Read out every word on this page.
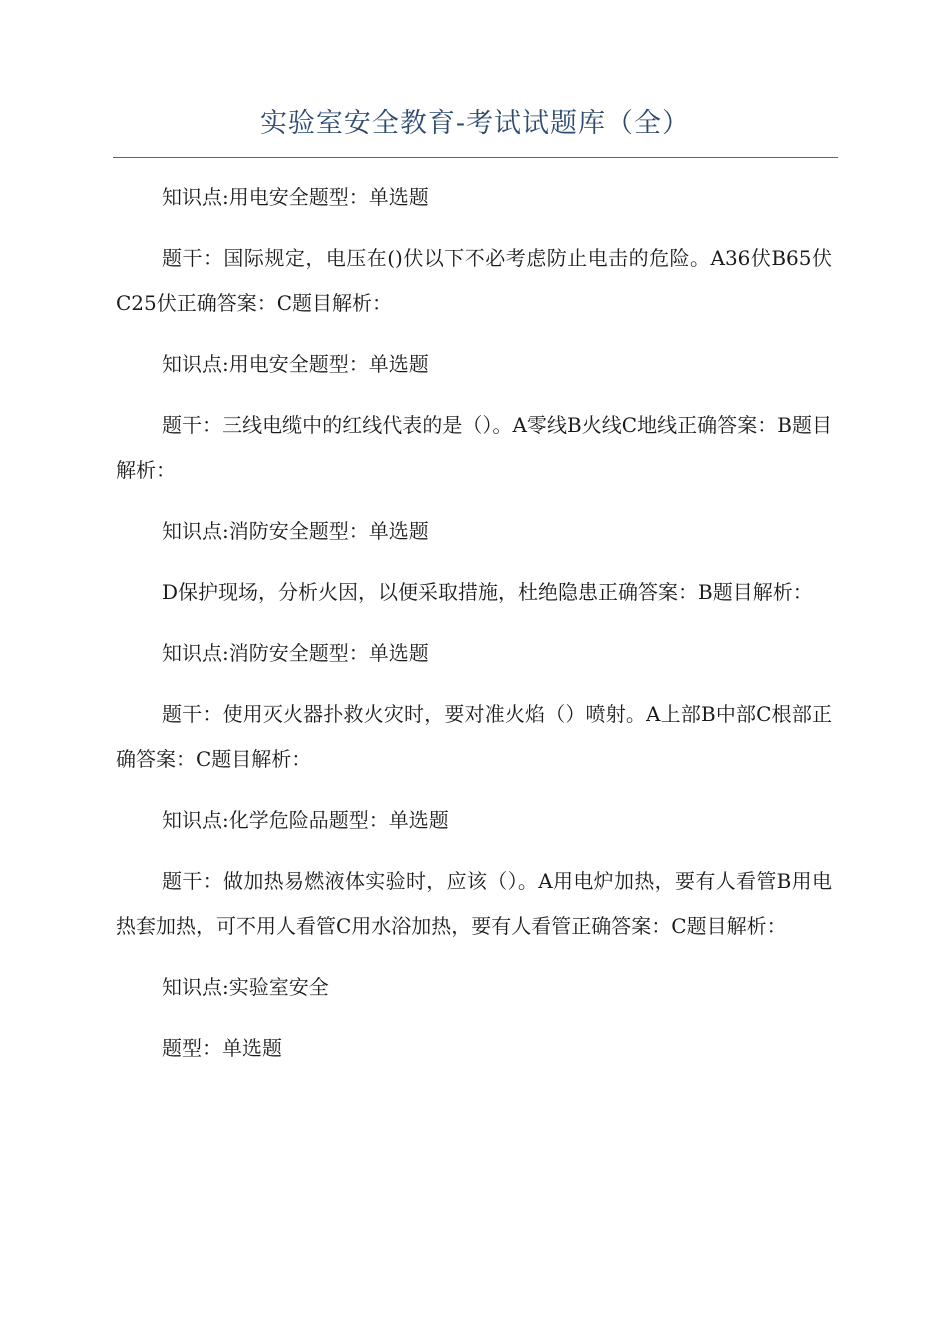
实验室安全教育-考试试题库（全）

知识点:用电安全题型：单选题

题干：国际规定，电压在()伏以下不必考虑防止电击的危险。A36伏B65伏C25伏正确答案：C题目解析：

知识点:用电安全题型：单选题

题干：三线电缆中的红线代表的是（）。A零线B火线C地线正确答案：B题目解析：

知识点:消防安全题型：单选题

D保护现场，分析火因，以便采取措施，杜绝隐患正确答案：B题目解析：

知识点:消防安全题型：单选题

题干：使用灭火器扑救火灾时，要对准火焰（）喷射。A上部B中部C根部正确答案：C题目解析：

知识点:化学危险品题型：单选题

题干：做加热易燃液体实验时，应该（）。A用电炉加热，要有人看管B用电热套加热，可不用人看管C用水浴加热，要有人看管正确答案：C题目解析：

知识点:实验室安全

题型：单选题
